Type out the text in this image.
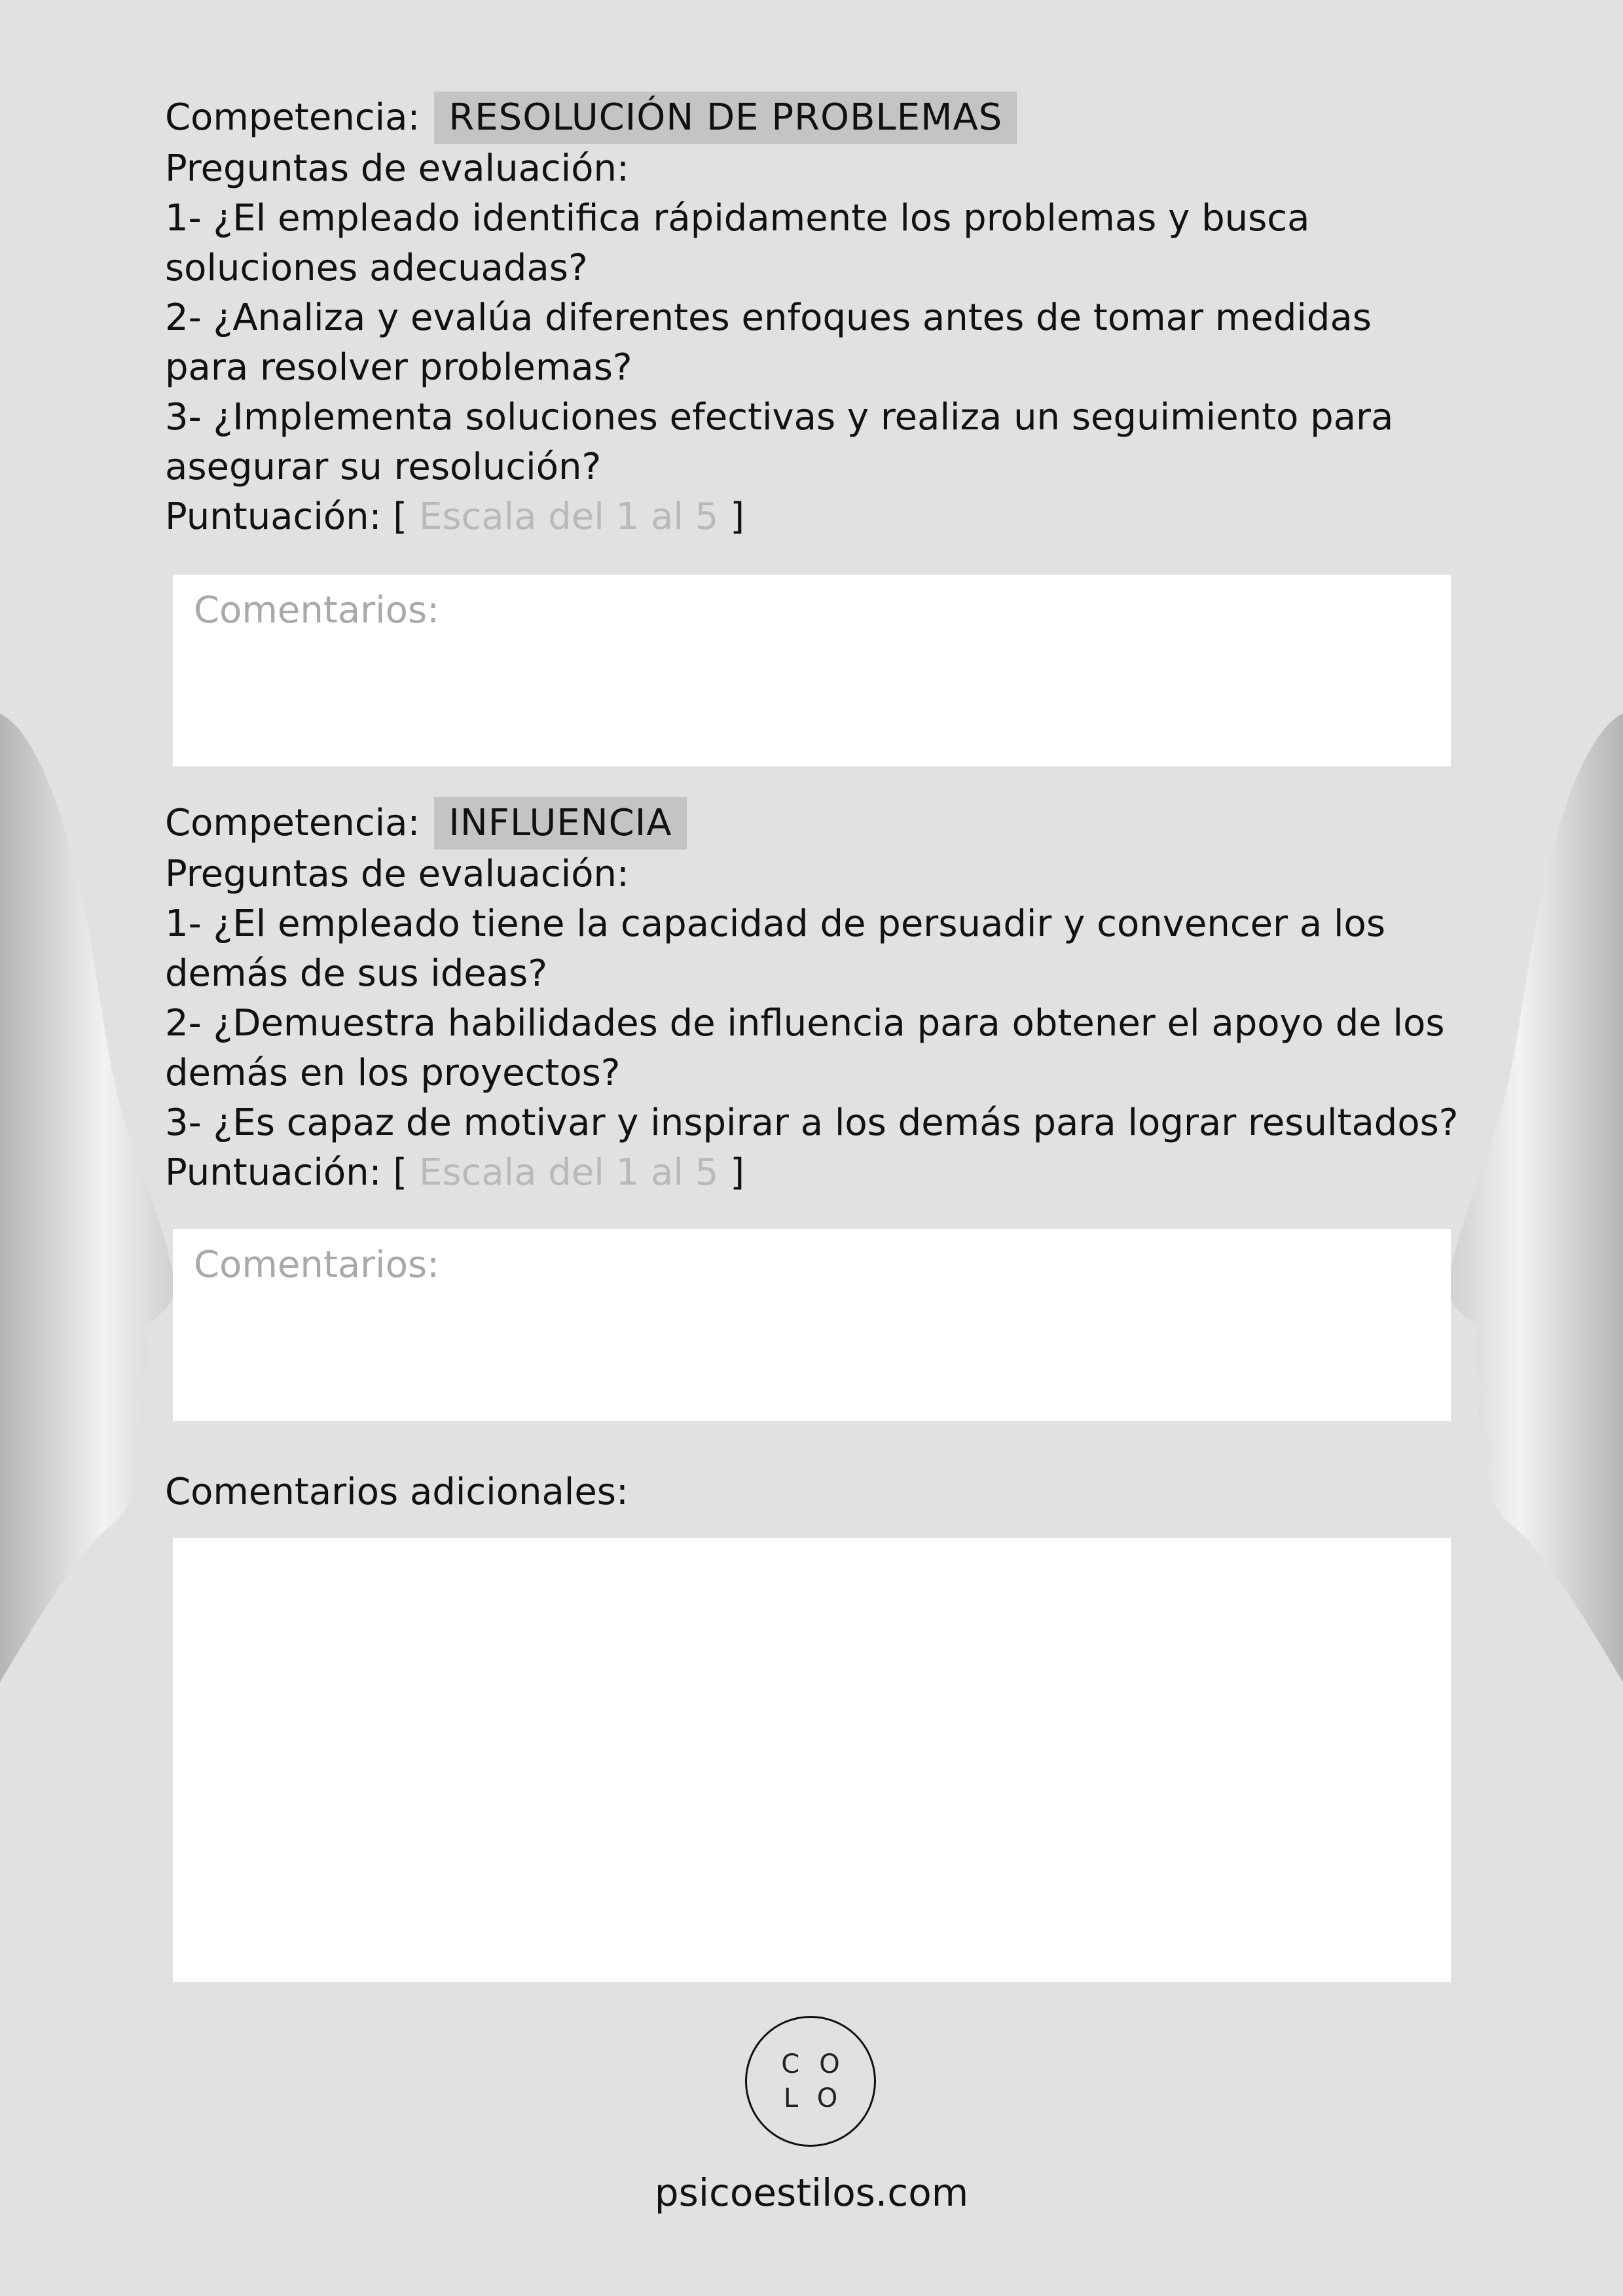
Competencia: RESOLUCIÓN DE PROBLEMAS

Preguntas de evaluación:

1- ¿El empleado identifica rápidamente los problemas y busca

soluciones adecuadas?

2- ¿Analiza y evalúa diferentes enfoques antes de tomar medidas

para resolver problemas?

3- ¿Implementa soluciones efectivas y realiza un seguimiento para

asegurar su resolución?

Puntuación: [ Escala del 1 al 5 ]

Comentarios:
Competencia: INFLUENCIA

Preguntas de evaluación:

1- ¿El empleado tiene la capacidad de persuadir y convencer a los

demás de sus ideas?

2- ¿Demuestra habilidades de influencia para obtener el apoyo de los

demás en los proyectos?

3- ¿Es capaz de motivar y inspirar a los demás para lograr resultados?

Puntuación: [ Escala del 1 al 5 ]

Comentarios:
Comentarios adicionales:
CO
LO
psicoestilos.com
